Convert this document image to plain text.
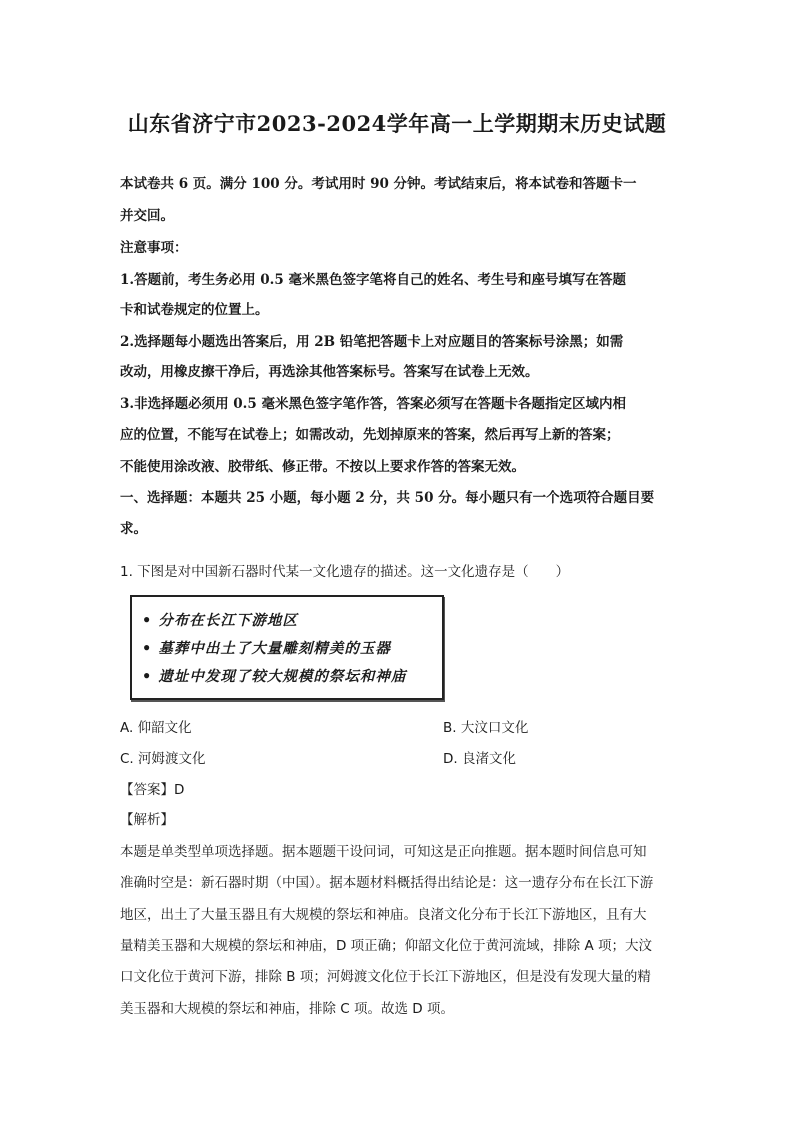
山东省济宁市2023-2024学年高一上学期期末历史试题
本试卷共 6 页。满分 100 分。考试用时 90 分钟。考试结束后，将本试卷和答题卡一
并交回。
注意事项：
1.答题前，考生务必用 0.5 毫米黑色签字笔将自己的姓名、考生号和座号填写在答题
卡和试卷规定的位置上。
2.选择题每小题选出答案后，用 2B 铅笔把答题卡上对应题目的答案标号涂黑；如需
改动，用橡皮擦干净后，再选涂其他答案标号。答案写在试卷上无效。
3.非选择题必须用 0.5 毫米黑色签字笔作答，答案必须写在答题卡各题指定区域内相
应的位置，不能写在试卷上；如需改动，先划掉原来的答案，然后再写上新的答案；
不能使用涂改液、胶带纸、修正带。不按以上要求作答的答案无效。
一、选择题：本题共 25 小题，每小题 2 分，共 50 分。每小题只有一个选项符合题目要
求。
1. 下图是对中国新石器时代某一文化遗存的描述。这一文化遗存是（　　）
• 分布在长江下游地区
• 墓葬中出土了大量雕刻精美的玉器
• 遗址中发现了较大规模的祭坛和神庙
A. 仰韶文化	B. 大汶口文化
C. 河姆渡文化	D. 良渚文化
【答案】D
【解析】
本题是单类型单项选择题。据本题题干设问词，可知这是正向推题。据本题时间信息可知
准确时空是：新石器时期（中国）。据本题材料概括得出结论是：这一遗存分布在长江下游
地区，出土了大量玉器且有大规模的祭坛和神庙。良渚文化分布于长江下游地区，且有大
量精美玉器和大规模的祭坛和神庙，D 项正确；仰韶文化位于黄河流域，排除 A 项；大汶
口文化位于黄河下游，排除 B 项；河姆渡文化位于长江下游地区，但是没有发现大量的精
美玉器和大规模的祭坛和神庙，排除 C 项。故选 D 项。
